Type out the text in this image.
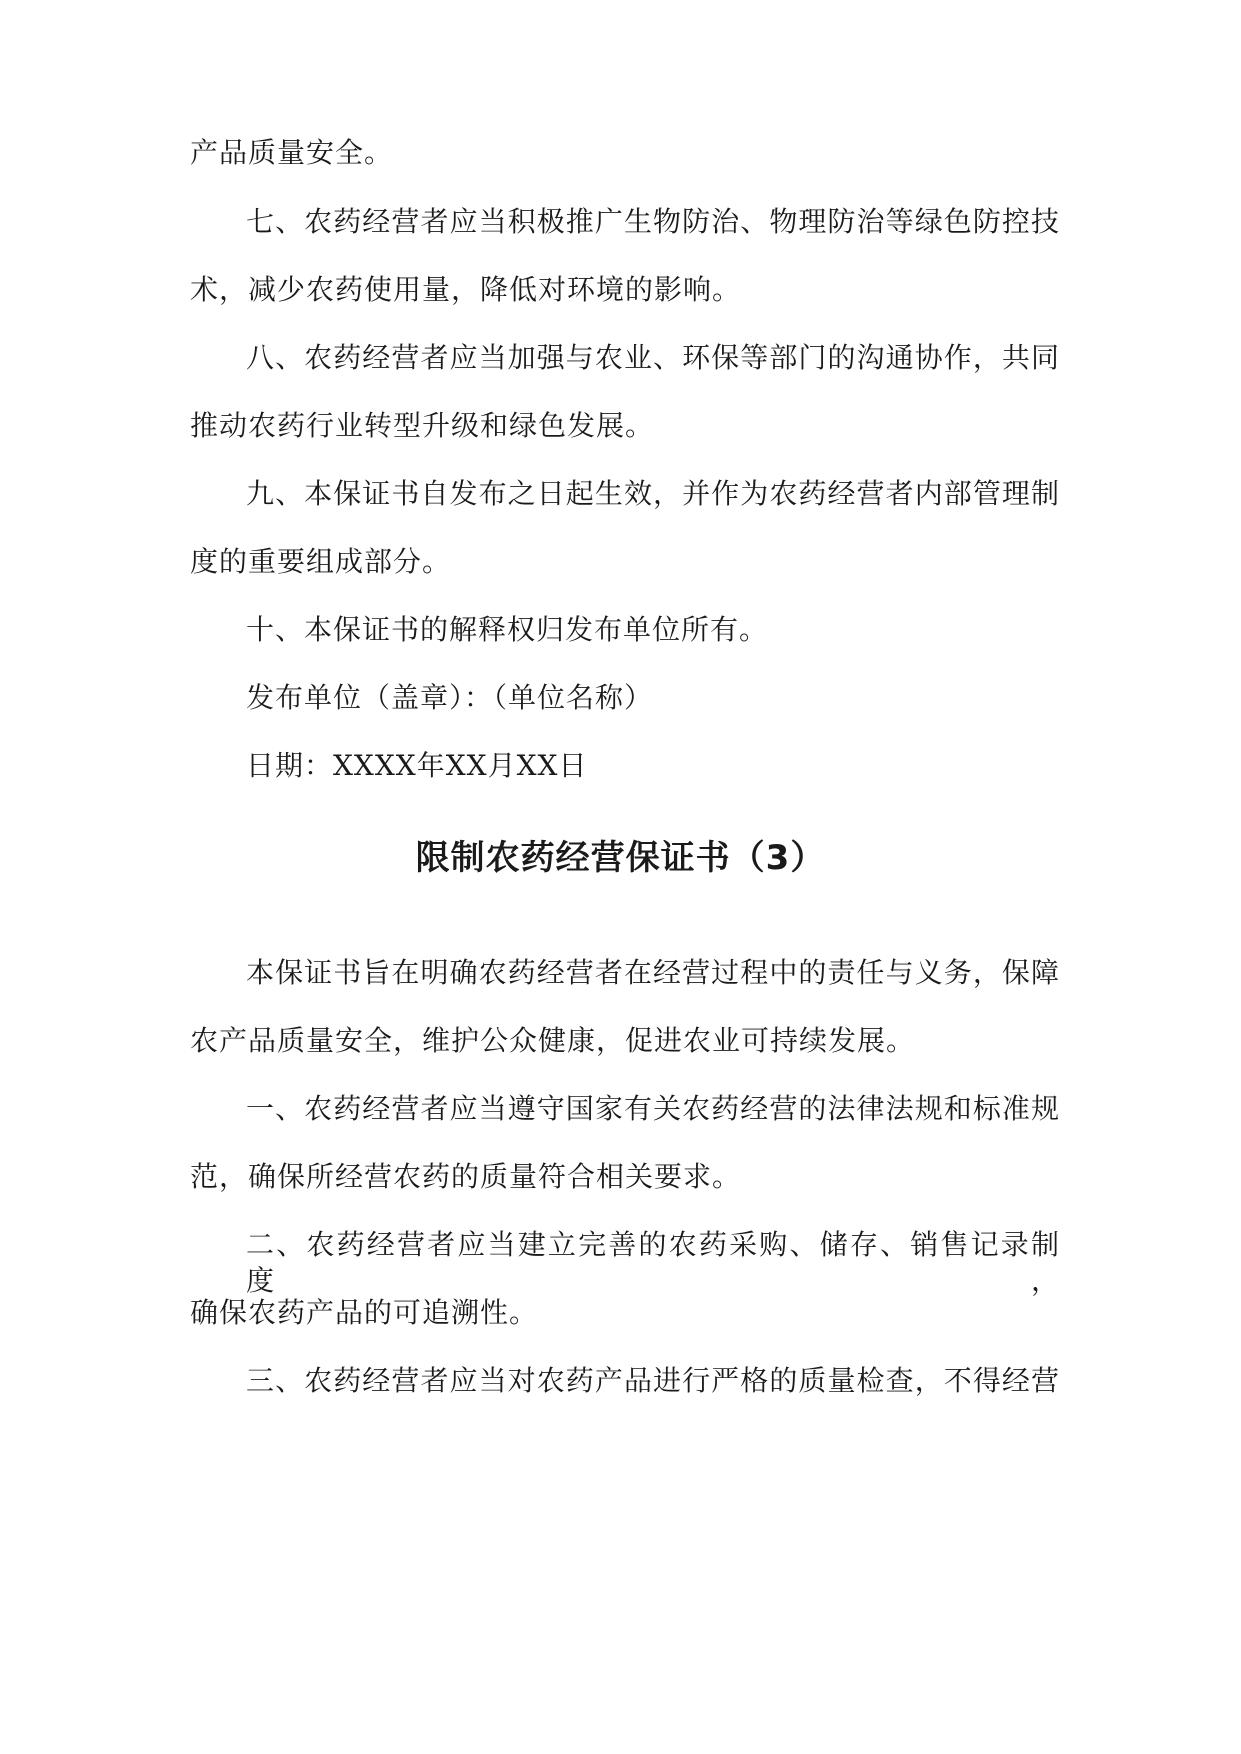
产品质量安全。
七、农药经营者应当积极推广生物防治、物理防治等绿色防控技
术，减少农药使用量，降低对环境的影响。
八、农药经营者应当加强与农业、环保等部门的沟通协作，共同
推动农药行业转型升级和绿色发展。
九、本保证书自发布之日起生效，并作为农药经营者内部管理制
度的重要组成部分。
十、本保证书的解释权归发布单位所有。
发布单位（盖章）：（单位名称）
日期：XXXX年XX月XX日
限制农药经营保证书（3）
本保证书旨在明确农药经营者在经营过程中的责任与义务，保障
农产品质量安全，维护公众健康，促进农业可持续发展。
一、农药经营者应当遵守国家有关农药经营的法律法规和标准规
范，确保所经营农药的质量符合相关要求。
二、农药经营者应当建立完善的农药采购、储存、销售记录制度，
确保农药产品的可追溯性。
三、农药经营者应当对农药产品进行严格的质量检查，不得经营
